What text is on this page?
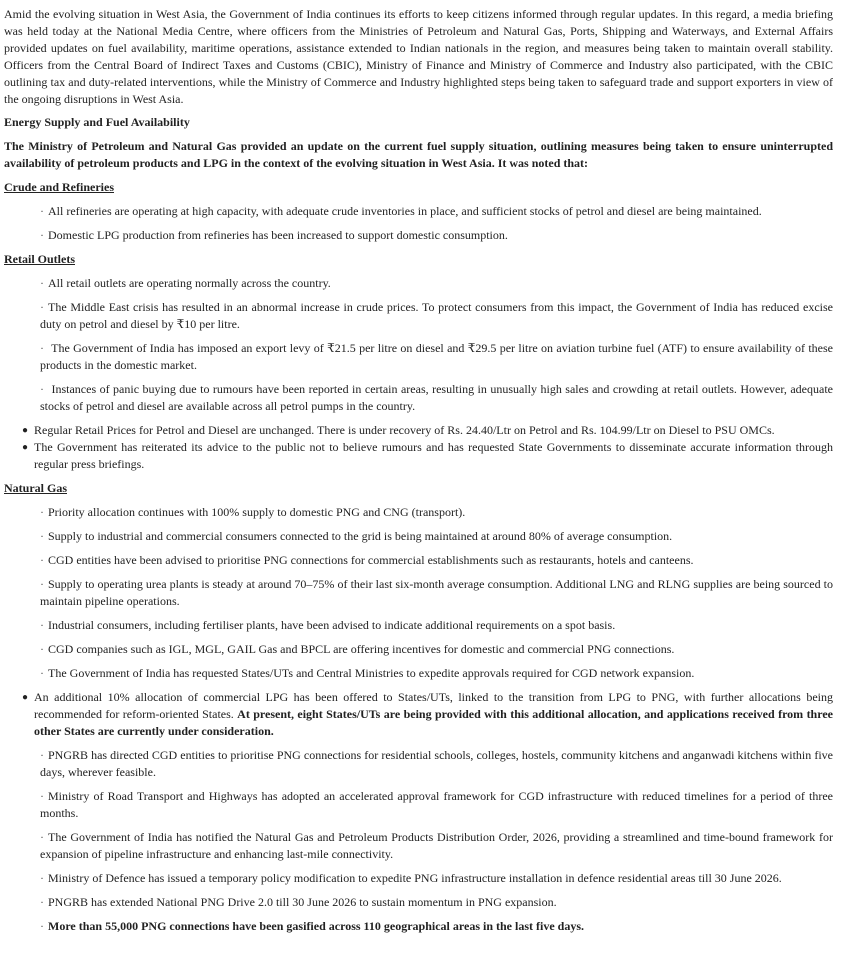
Amid the evolving situation in West Asia, the Government of India continues its efforts to keep citizens informed through regular updates. In this regard, a media briefing was held today at the National Media Centre, where officers from the Ministries of Petroleum and Natural Gas, Ports, Shipping and Waterways, and External Affairs provided updates on fuel availability, maritime operations, assistance extended to Indian nationals in the region, and measures being taken to maintain overall stability. Officers from the Central Board of Indirect Taxes and Customs (CBIC), Ministry of Finance and Ministry of Commerce and Industry also participated, with the CBIC outlining tax and duty-related interventions, while the Ministry of Commerce and Industry highlighted steps being taken to safeguard trade and support exporters in view of the ongoing disruptions in West Asia.

Energy Supply and Fuel Availability

The Ministry of Petroleum and Natural Gas provided an update on the current fuel supply situation, outlining measures being taken to ensure uninterrupted availability of petroleum products and LPG in the context of the evolving situation in West Asia. It was noted that:

Crude and Refineries

· All refineries are operating at high capacity, with adequate crude inventories in place, and sufficient stocks of petrol and diesel are being maintained.

· Domestic LPG production from refineries has been increased to support domestic consumption.

Retail Outlets

· All retail outlets are operating normally across the country.

· The Middle East crisis has resulted in an abnormal increase in crude prices. To protect consumers from this impact, the Government of India has reduced excise duty on petrol and diesel by ₹10 per litre.

· The Government of India has imposed an export levy of ₹21.5 per litre on diesel and ₹29.5 per litre on aviation turbine fuel (ATF) to ensure availability of these products in the domestic market.

· Instances of panic buying due to rumours have been reported in certain areas, resulting in unusually high sales and crowding at retail outlets. However, adequate stocks of petrol and diesel are available across all petrol pumps in the country.

● Regular Retail Prices for Petrol and Diesel are unchanged. There is under recovery of Rs. 24.40/Ltr on Petrol and Rs. 104.99/Ltr on Diesel to PSU OMCs.
● The Government has reiterated its advice to the public not to believe rumours and has requested State Governments to disseminate accurate information through regular press briefings.

Natural Gas

· Priority allocation continues with 100% supply to domestic PNG and CNG (transport).

· Supply to industrial and commercial consumers connected to the grid is being maintained at around 80% of average consumption.

· CGD entities have been advised to prioritise PNG connections for commercial establishments such as restaurants, hotels and canteens.

· Supply to operating urea plants is steady at around 70–75% of their last six-month average consumption. Additional LNG and RLNG supplies are being sourced to maintain pipeline operations.

· Industrial consumers, including fertiliser plants, have been advised to indicate additional requirements on a spot basis.

· CGD companies such as IGL, MGL, GAIL Gas and BPCL are offering incentives for domestic and commercial PNG connections.

· The Government of India has requested States/UTs and Central Ministries to expedite approvals required for CGD network expansion.

● An additional 10% allocation of commercial LPG has been offered to States/UTs, linked to the transition from LPG to PNG, with further allocations being recommended for reform-oriented States. At present, eight States/UTs are being provided with this additional allocation, and applications received from three other States are currently under consideration.

· PNGRB has directed CGD entities to prioritise PNG connections for residential schools, colleges, hostels, community kitchens and anganwadi kitchens within five days, wherever feasible.

· Ministry of Road Transport and Highways has adopted an accelerated approval framework for CGD infrastructure with reduced timelines for a period of three months.

· The Government of India has notified the Natural Gas and Petroleum Products Distribution Order, 2026, providing a streamlined and time-bound framework for expansion of pipeline infrastructure and enhancing last-mile connectivity.

· Ministry of Defence has issued a temporary policy modification to expedite PNG infrastructure installation in defence residential areas till 30 June 2026.

· PNGRB has extended National PNG Drive 2.0 till 30 June 2026 to sustain momentum in PNG expansion.

· More than 55,000 PNG connections have been gasified across 110 geographical areas in the last five days.
